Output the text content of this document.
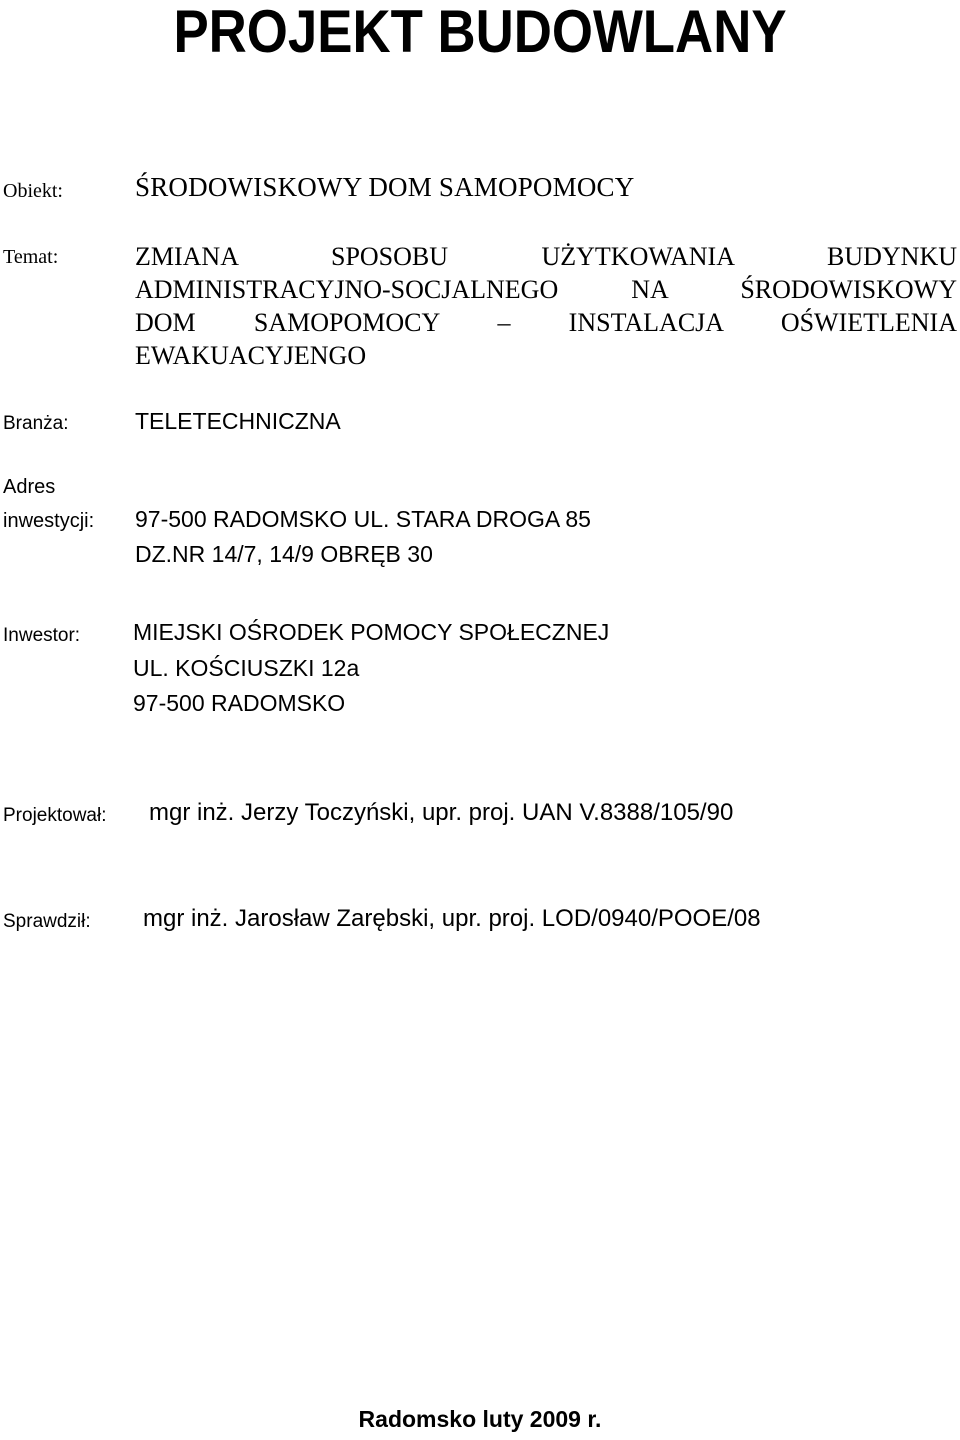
PROJEKT BUDOWLANY
Obiekt:	ŚRODOWISKOWY DOM SAMOPOMOCY
Temat:	ZMIANA SPOSOBU UŻYTKOWANIA BUDYNKU
ADMINISTRACYJNO-SOCJALNEGO NA ŚRODOWISKOWY
DOM SAMOPOMOCY – INSTALACJA OŚWIETLENIA
EWAKUACYJENGO
Branża:	TELETECHNICZNA
Adres
inwestycji: 97-500 RADOMSKO UL. STARA DROGA 85
DZ.NR 14/7, 14/9 OBRĘB 30
Inwestor: MIEJSKI OŚRODEK POMOCY SPOŁECZNEJ
UL. KOŚCIUSZKI 12a
97-500 RADOMSKO
Projektował: mgr inż. Jerzy Toczyński, upr. proj. UAN V.8388/105/90
Sprawdził: mgr inż. Jarosław Zarębski, upr. proj. LOD/0940/POOE/08
Radomsko luty 2009 r.
